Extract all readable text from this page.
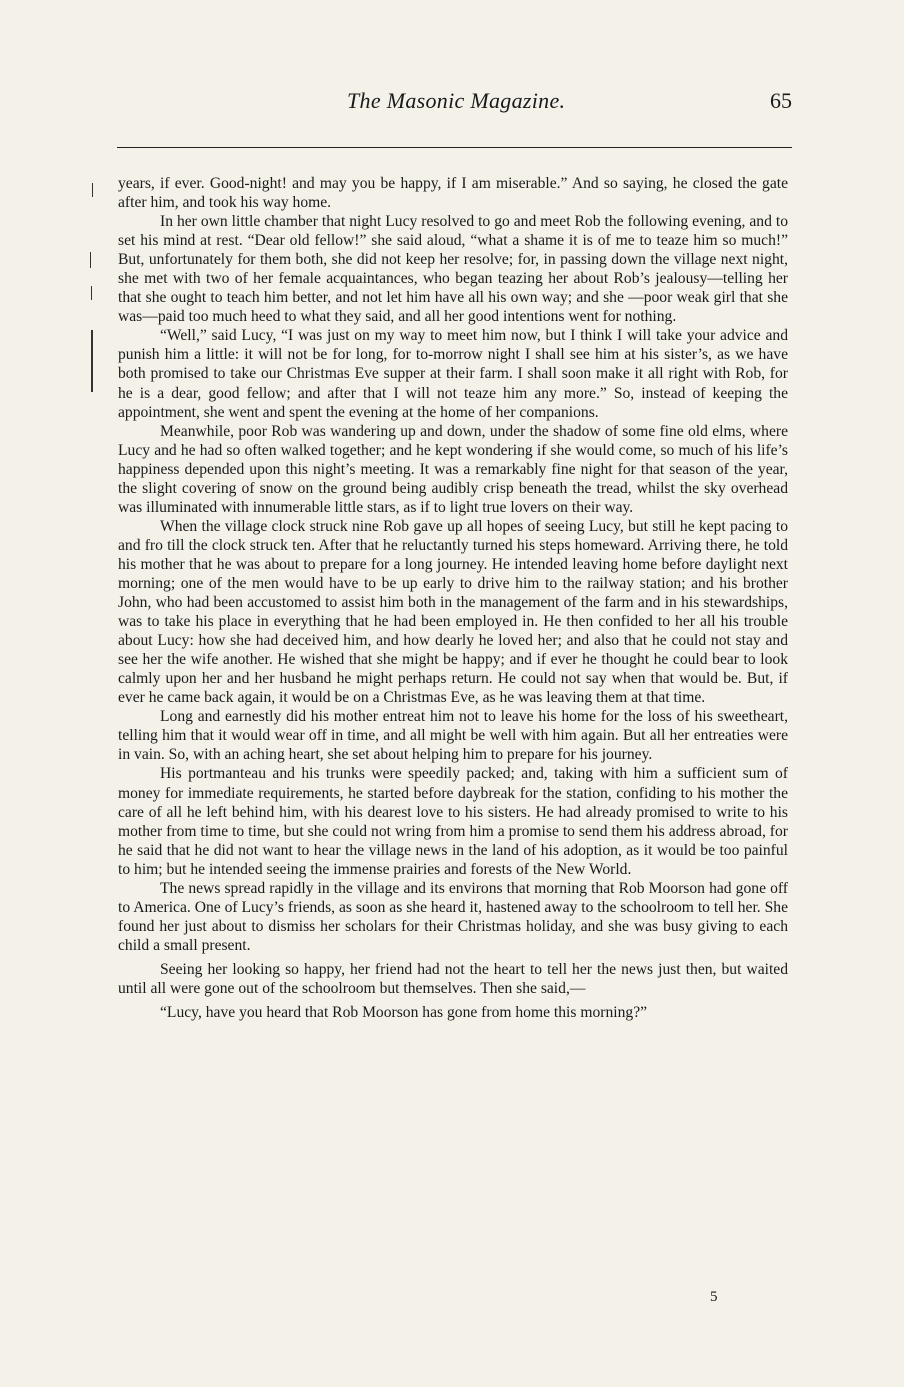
The Masonic Magazine.	65

years, if ever. Good-night! and may you be happy, if I am miserable.” And so saying, he closed the gate after him, and took his way home.

In her own little chamber that night Lucy resolved to go and meet Rob the following evening, and to set his mind at rest. “Dear old fellow!” she said aloud, “what a shame it is of me to teaze him so much!” But, unfortunately for them both, she did not keep her resolve; for, in passing down the village next night, she met with two of her female acquaintances, who began teazing her about Rob’s jealousy—telling her that she ought to teach him better, and not let him have all his own way; and she —poor weak girl that she was—paid too much heed to what they said, and all her good intentions went for nothing.

“Well,” said Lucy, “I was just on my way to meet him now, but I think I will take your advice and punish him a little: it will not be for long, for to-morrow night I shall see him at his sister’s, as we have both promised to take our Christmas Eve supper at their farm. I shall soon make it all right with Rob, for he is a dear, good fellow; and after that I will not teaze him any more.” So, instead of keeping the appointment, she went and spent the evening at the home of her companions.

Meanwhile, poor Rob was wandering up and down, under the shadow of some fine old elms, where Lucy and he had so often walked together; and he kept wondering if she would come, so much of his life’s happiness depended upon this night’s meeting. It was a remarkably fine night for that season of the year, the slight covering of snow on the ground being audibly crisp beneath the tread, whilst the sky overhead was illuminated with innumerable little stars, as if to light true lovers on their way.

When the village clock struck nine Rob gave up all hopes of seeing Lucy, but still he kept pacing to and fro till the clock struck ten. After that he reluctantly turned his steps homeward. Arriving there, he told his mother that he was about to prepare for a long journey. He intended leaving home before daylight next morning; one of the men would have to be up early to drive him to the railway station; and his brother John, who had been accustomed to assist him both in the management of the farm and in his stewardships, was to take his place in everything that he had been employed in. He then confided to her all his trouble about Lucy: how she had deceived him, and how dearly he loved her; and also that he could not stay and see her the wife another. He wished that she might be happy; and if ever he thought he could bear to look calmly upon her and her husband he might perhaps return. He could not say when that would be. But, if ever he came back again, it would be on a Christmas Eve, as he was leaving them at that time.

Long and earnestly did his mother entreat him not to leave his home for the loss of his sweetheart, telling him that it would wear off in time, and all might be well with him again. But all her entreaties were in vain. So, with an aching heart, she set about helping him to prepare for his journey.

His portmanteau and his trunks were speedily packed; and, taking with him a sufficient sum of money for immediate requirements, he started before daybreak for the station, confiding to his mother the care of all he left behind him, with his dearest love to his sisters. He had already promised to write to his mother from time to time, but she could not wring from him a promise to send them his address abroad, for he said that he did not want to hear the village news in the land of his adoption, as it would be too painful to him; but he intended seeing the immense prairies and forests of the New World.

The news spread rapidly in the village and its environs that morning that Rob Moorson had gone off to America. One of Lucy’s friends, as soon as she heard it, hastened away to the schoolroom to tell her. She found her just about to dismiss her scholars for their Christmas holiday, and she was busy giving to each child a small present.

Seeing her looking so happy, her friend had not the heart to tell her the news just then, but waited until all were gone out of the schoolroom but themselves. Then she said,—

“Lucy, have you heard that Rob Moorson has gone from home this morning?”

5
